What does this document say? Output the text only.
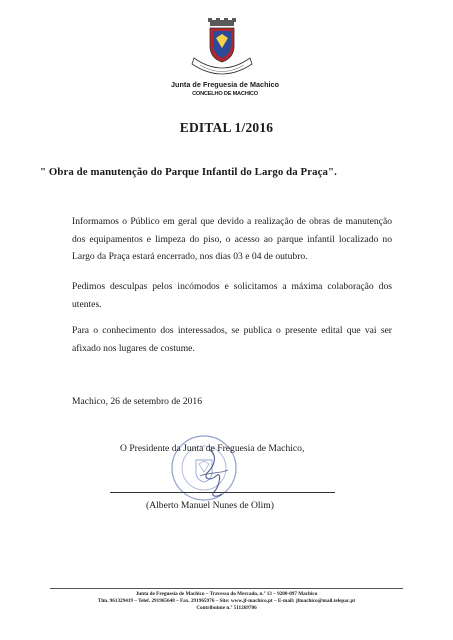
Junta de Freguesia de Machico
CONCELHO DE MACHICO
EDITAL 1/2016
" Obra de manutenção do Parque Infantil do Largo da Praça".
Informamos o Público em geral que devido a realização de obras de manutenção dos equipamentos e limpeza do piso, o acesso ao parque infantil localizado no Largo da Praça estará encerrado, nos dias 03 e 04 de outubro.
Pedimos desculpas pelos incómodos e solicitamos a máxima colaboração dos utentes.
Para o conhecimento dos interessados, se publica o presente edital que vai ser afixado nos lugares de costume.
Machico, 26 de setembro de 2016
O Presidente da Junta de Freguesia de Machico,
(Alberto Manuel Nunes de Olim)
Junta de Freguesia de Machico – Travessa do Mercado, n.º 13 – 9200-097 Machico
Tlm. 961329419 – Telef. 291965648 – Fax. 291965976 – Site: www.jf-machico.pt – E-mail: jfmachico@mail.telepac.pt
Contribuinte n.º 511269706
